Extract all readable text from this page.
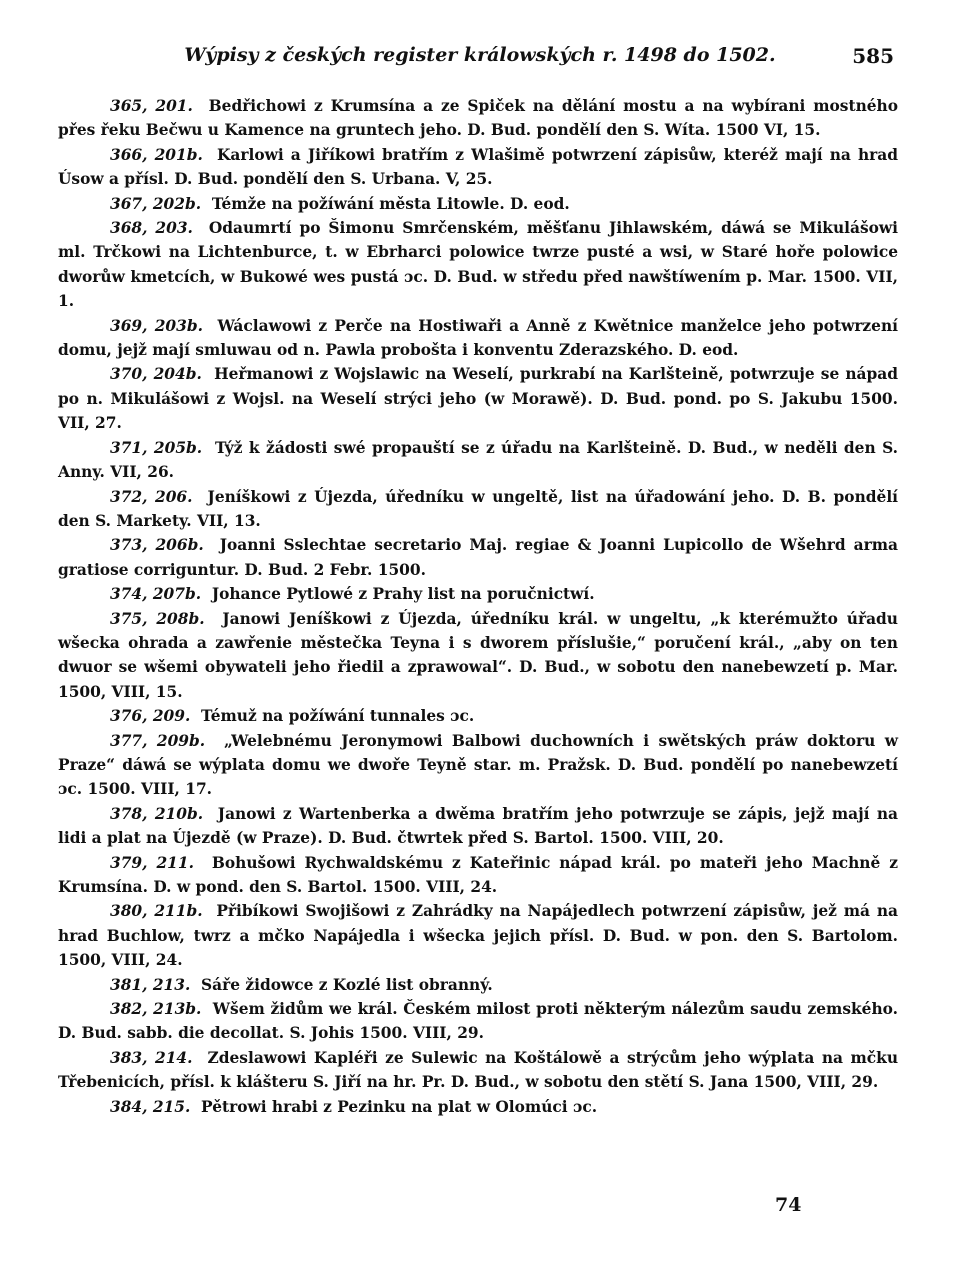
Wýpisy z českých register králowských r. 1498 do 1502.	585

365, 201. Bedřichowi z Krumsína a ze Spiček na dělání mostu a na wybírani mostného přes řeku Bečwu u Kamence na gruntech jeho. D. Bud. pondělí den S. Wíta. 1500 VI, 15.

366, 201b. Karlowi a Jiříkowi bratřím z Wlašimě potwrzení zápisůw, kteréž mají na hrad Úsow a přísl. D. Bud. pondělí den S. Urbana. V, 25.

367, 202b. Témže na požíwání města Litowle. D. eod.

368, 203. Odaumrtí po Šimonu Smrčenském, měšťanu Jihlawském, dáwá se Mikulášowi ml. Trčkowi na Lichtenburce, t. w Ebrharci polowice twrze pusté a wsi, w Staré hoře polowice dworůw kmetcích, w Bukowé wes pustá ɔc. D. Bud. w středu před nawštíwením p. Mar. 1500. VII, 1.

369, 203b. Wáclawowi z Perče na Hostiwaři a Anně z Kwětnice manželce jeho potwrzení domu, jejž mají smluwau od n. Pawla probošta i konventu Zderazského. D. eod.

370, 204b. Heřmanowi z Wojslawic na Weselí, purkrabí na Karlšteině, potwrzuje se nápad po n. Mikulášowi z Wojsl. na Weselí strýci jeho (w Morawě). D. Bud. pond. po S. Jakubu 1500. VII, 27.

371, 205b. Týž k žádosti swé propauští se z úřadu na Karlšteině. D. Bud., w neděli den S. Anny. VII, 26.

372, 206. Jeníškowi z Újezda, úředníku w ungeltě, list na úřadowání jeho. D. B. pondělí den S. Markety. VII, 13.

373, 206b. Joanni Sslechtae secretario Maj. regiae & Joanni Lupicollo de Wšehrd arma gratiose corriguntur. D. Bud. 2 Febr. 1500.

374, 207b. Johance Pytlowé z Prahy list na poručnictwí.

375, 208b. Janowi Jeníškowi z Újezda, úředníku král. w ungeltu, „k kterémužto úřadu wšecka ohrada a zawřenie městečka Teyna i s dworem příslušie,“ poručení král., „aby on ten dwuor se wšemi obywateli jeho řiedil a zprawowal“. D. Bud., w sobotu den nanebewzetí p. Mar. 1500, VIII, 15.

376, 209. Témuž na požíwání tunnales ɔc.

377, 209b. „Welebnému Jeronymowi Balbowi duchowních i swětských práw doktoru w Praze“ dáwá se wýplata domu we dwoře Teyně star. m. Pražsk. D. Bud. pondělí po nanebewzetí ɔc. 1500. VIII, 17.

378, 210b. Janowi z Wartenberka a dwěma bratřím jeho potwrzuje se zápis, jejž mají na lidi a plat na Újezdě (w Praze). D. Bud. čtwrtek před S. Bartol. 1500. VIII, 20.

379, 211. Bohušowi Rychwaldskému z Kateřinic nápad král. po mateři jeho Machně z Krumsína. D. w pond. den S. Bartol. 1500. VIII, 24.

380, 211b. Přibíkowi Swojišowi z Zahrádky na Napájedlech potwrzení zápisůw, jež má na hrad Buchlow, twrz a mčko Napájedla i wšecka jejich přísl. D. Bud. w pon. den S. Bartolom. 1500, VIII, 24.

381, 213. Sáře židowce z Kozlé list obranný.

382, 213b. Wšem židům we král. Českém milost proti některým nálezům saudu zemského. D. Bud. sabb. die decollat. S. Johis 1500. VIII, 29.

383, 214. Zdeslawowi Kapléři ze Sulewic na Koštálowě a strýcům jeho wýplata na mčku Třebenicích, přísl. k klášteru S. Jiří na hr. Pr. D. Bud., w sobotu den stětí S. Jana 1500, VIII, 29.

384, 215. Pětrowi hrabi z Pezinku na plat w Olomúci ɔc.

74
